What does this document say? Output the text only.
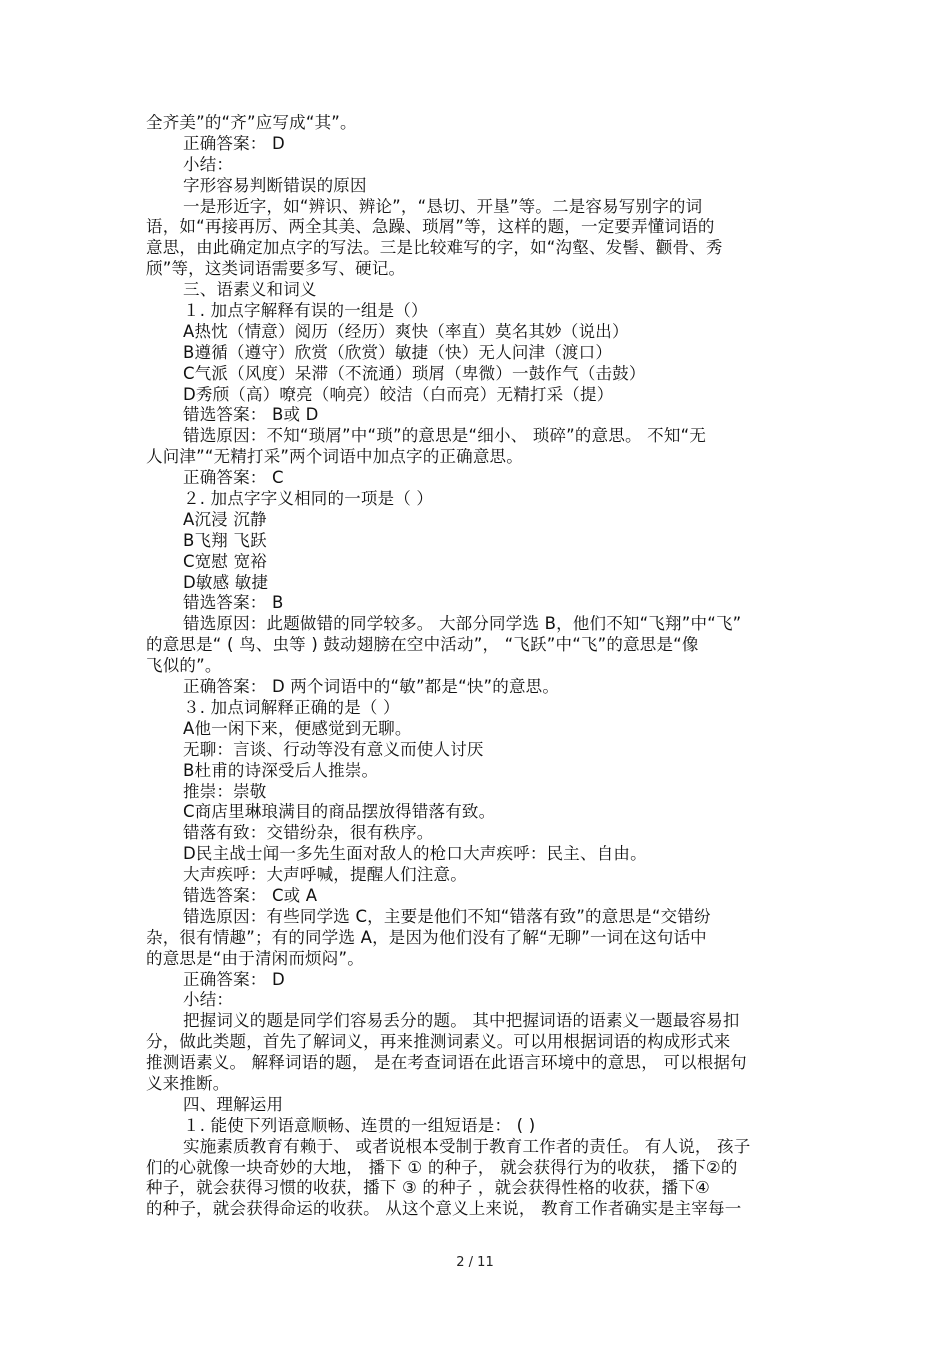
全齐美”的“齐”应写成“其”。
正确答案： D
小结：
字形容易判断错误的原因
一是形近字，如“辨识、辨论”，“恳切、开垦”等。二是容易写别字的词
语，如“再接再厉、两全其美、急躁、琐屑”等，这样的题，一定要弄懂词语的
意思，由此确定加点字的写法。三是比较难写的字，如“沟壑、发髻、颧骨、秀
颀”等，这类词语需要多写、硬记。
三、语素义和词义
１. 加点字解释有误的一组是（）
A热忱（情意）阅历（经历）爽快（率直）莫名其妙（说出）
B遵循（遵守）欣赏（欣赏）敏捷（快）无人问津（渡口）
C气派（风度）呆滞（不流通）琐屑（卑微）一鼓作气（击鼓）
D秀颀（高）嘹亮（响亮）皎洁（白而亮）无精打采（提）
错选答案： B或 D
错选原因：不知“琐屑”中“琐”的意思是“细小、 琐碎”的意思。 不知“无
人问津”“无精打采”两个词语中加点字的正确意思。
正确答案： C
２. 加点字字义相同的一项是（ ）
A沉浸 沉静
B飞翔 飞跃
C宽慰 宽裕
D敏感 敏捷
错选答案： B
错选原因：此题做错的同学较多。 大部分同学选 B，他们不知“飞翔”中“飞”
的意思是“ ( 鸟、虫等 ) 鼓动翅膀在空中活动”， “飞跃”中“飞”的意思是“像
飞似的”。
正确答案： D 两个词语中的“敏”都是“快”的意思。
３. 加点词解释正确的是（ ）
A他一闲下来，便感觉到无聊。
无聊：言谈、行动等没有意义而使人讨厌
B杜甫的诗深受后人推崇。
推崇：崇敬
C商店里琳琅满目的商品摆放得错落有致。
错落有致：交错纷杂，很有秩序。
D民主战士闻一多先生面对敌人的枪口大声疾呼：民主、自由。
大声疾呼：大声呼喊，提醒人们注意。
错选答案： C或 A
错选原因：有些同学选 C，主要是他们不知“错落有致”的意思是“交错纷
杂，很有情趣”；有的同学选 A，是因为他们没有了解“无聊”一词在这句话中
的意思是“由于清闲而烦闷”。
正确答案： D
小结：
把握词义的题是同学们容易丢分的题。 其中把握词语的语素义一题最容易扣
分，做此类题，首先了解词义，再来推测词素义。可以用根据词语的构成形式来
推测语素义。 解释词语的题， 是在考查词语在此语言环境中的意思， 可以根据句
义来推断。
四、理解运用
１. 能使下列语意顺畅、连贯的一组短语是： ( )
实施素质教育有赖于、 或者说根本受制于教育工作者的责任。 有人说， 孩子
们的心就像一块奇妙的大地， 播下 ① 的种子， 就会获得行为的收获， 播下②的
种子，就会获得习惯的收获，播下 ③ 的种子 ，就会获得性格的收获，播下④
的种子，就会获得命运的收获。 从这个意义上来说， 教育工作者确实是主宰每一
2 / 11
